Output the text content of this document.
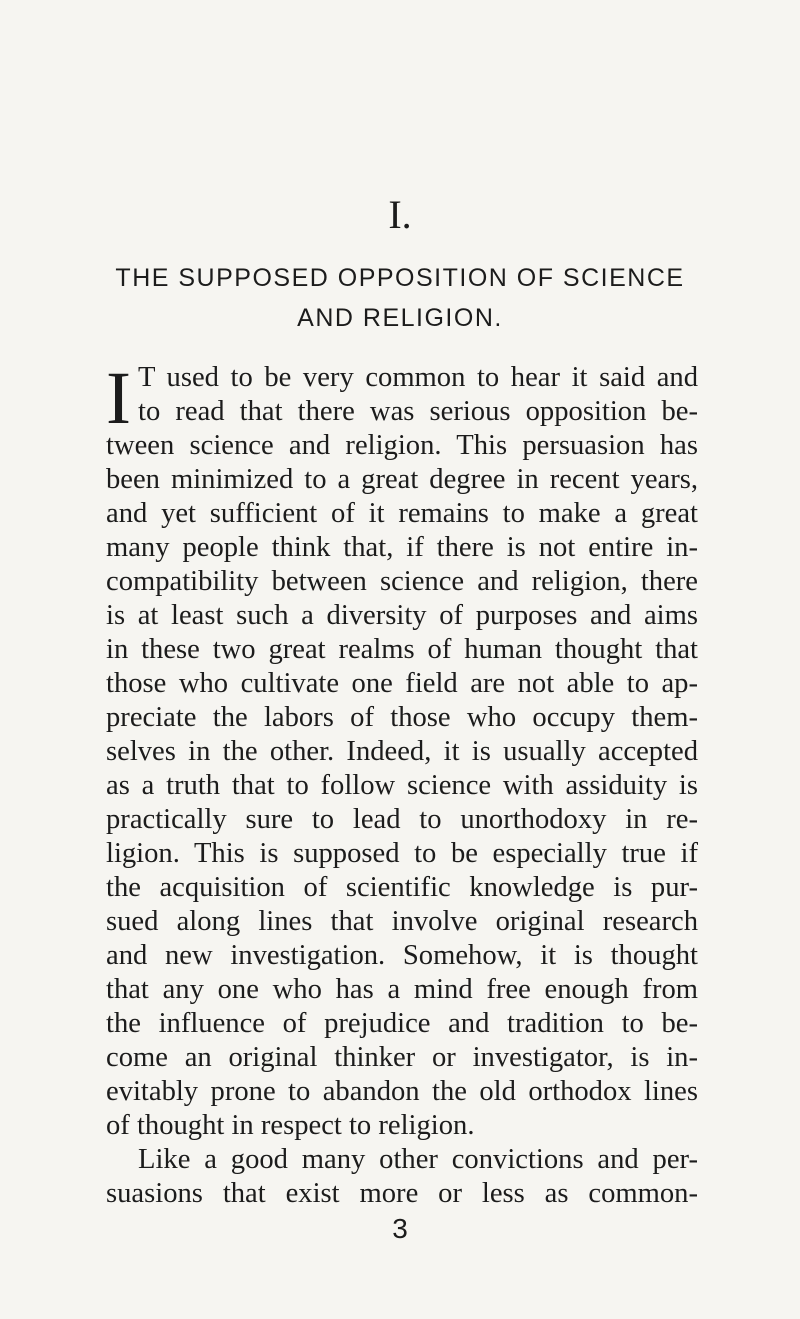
I.
THE SUPPOSED OPPOSITION OF SCIENCE
AND RELIGION.
I T used to be very common to hear it said and
to read that there was serious opposition be-
tween science and religion. This persuasion has
been minimized to a great degree in recent years,
and yet sufficient of it remains to make a great
many people think that, if there is not entire in-
compatibility between science and religion, there
is at least such a diversity of purposes and aims
in these two great realms of human thought that
those who cultivate one field are not able to ap-
preciate the labors of those who occupy them-
selves in the other. Indeed, it is usually accepted
as a truth that to follow science with assiduity is
practically sure to lead to unorthodoxy in re-
ligion. This is supposed to be especially true if
the acquisition of scientific knowledge is pur-
sued along lines that involve original research
and new investigation. Somehow, it is thought
that any one who has a mind free enough from
the influence of prejudice and tradition to be-
come an original thinker or investigator, is in-
evitably prone to abandon the old orthodox lines
of thought in respect to religion.
Like a good many other convictions and per-
suasions that exist more or less as common-
3
